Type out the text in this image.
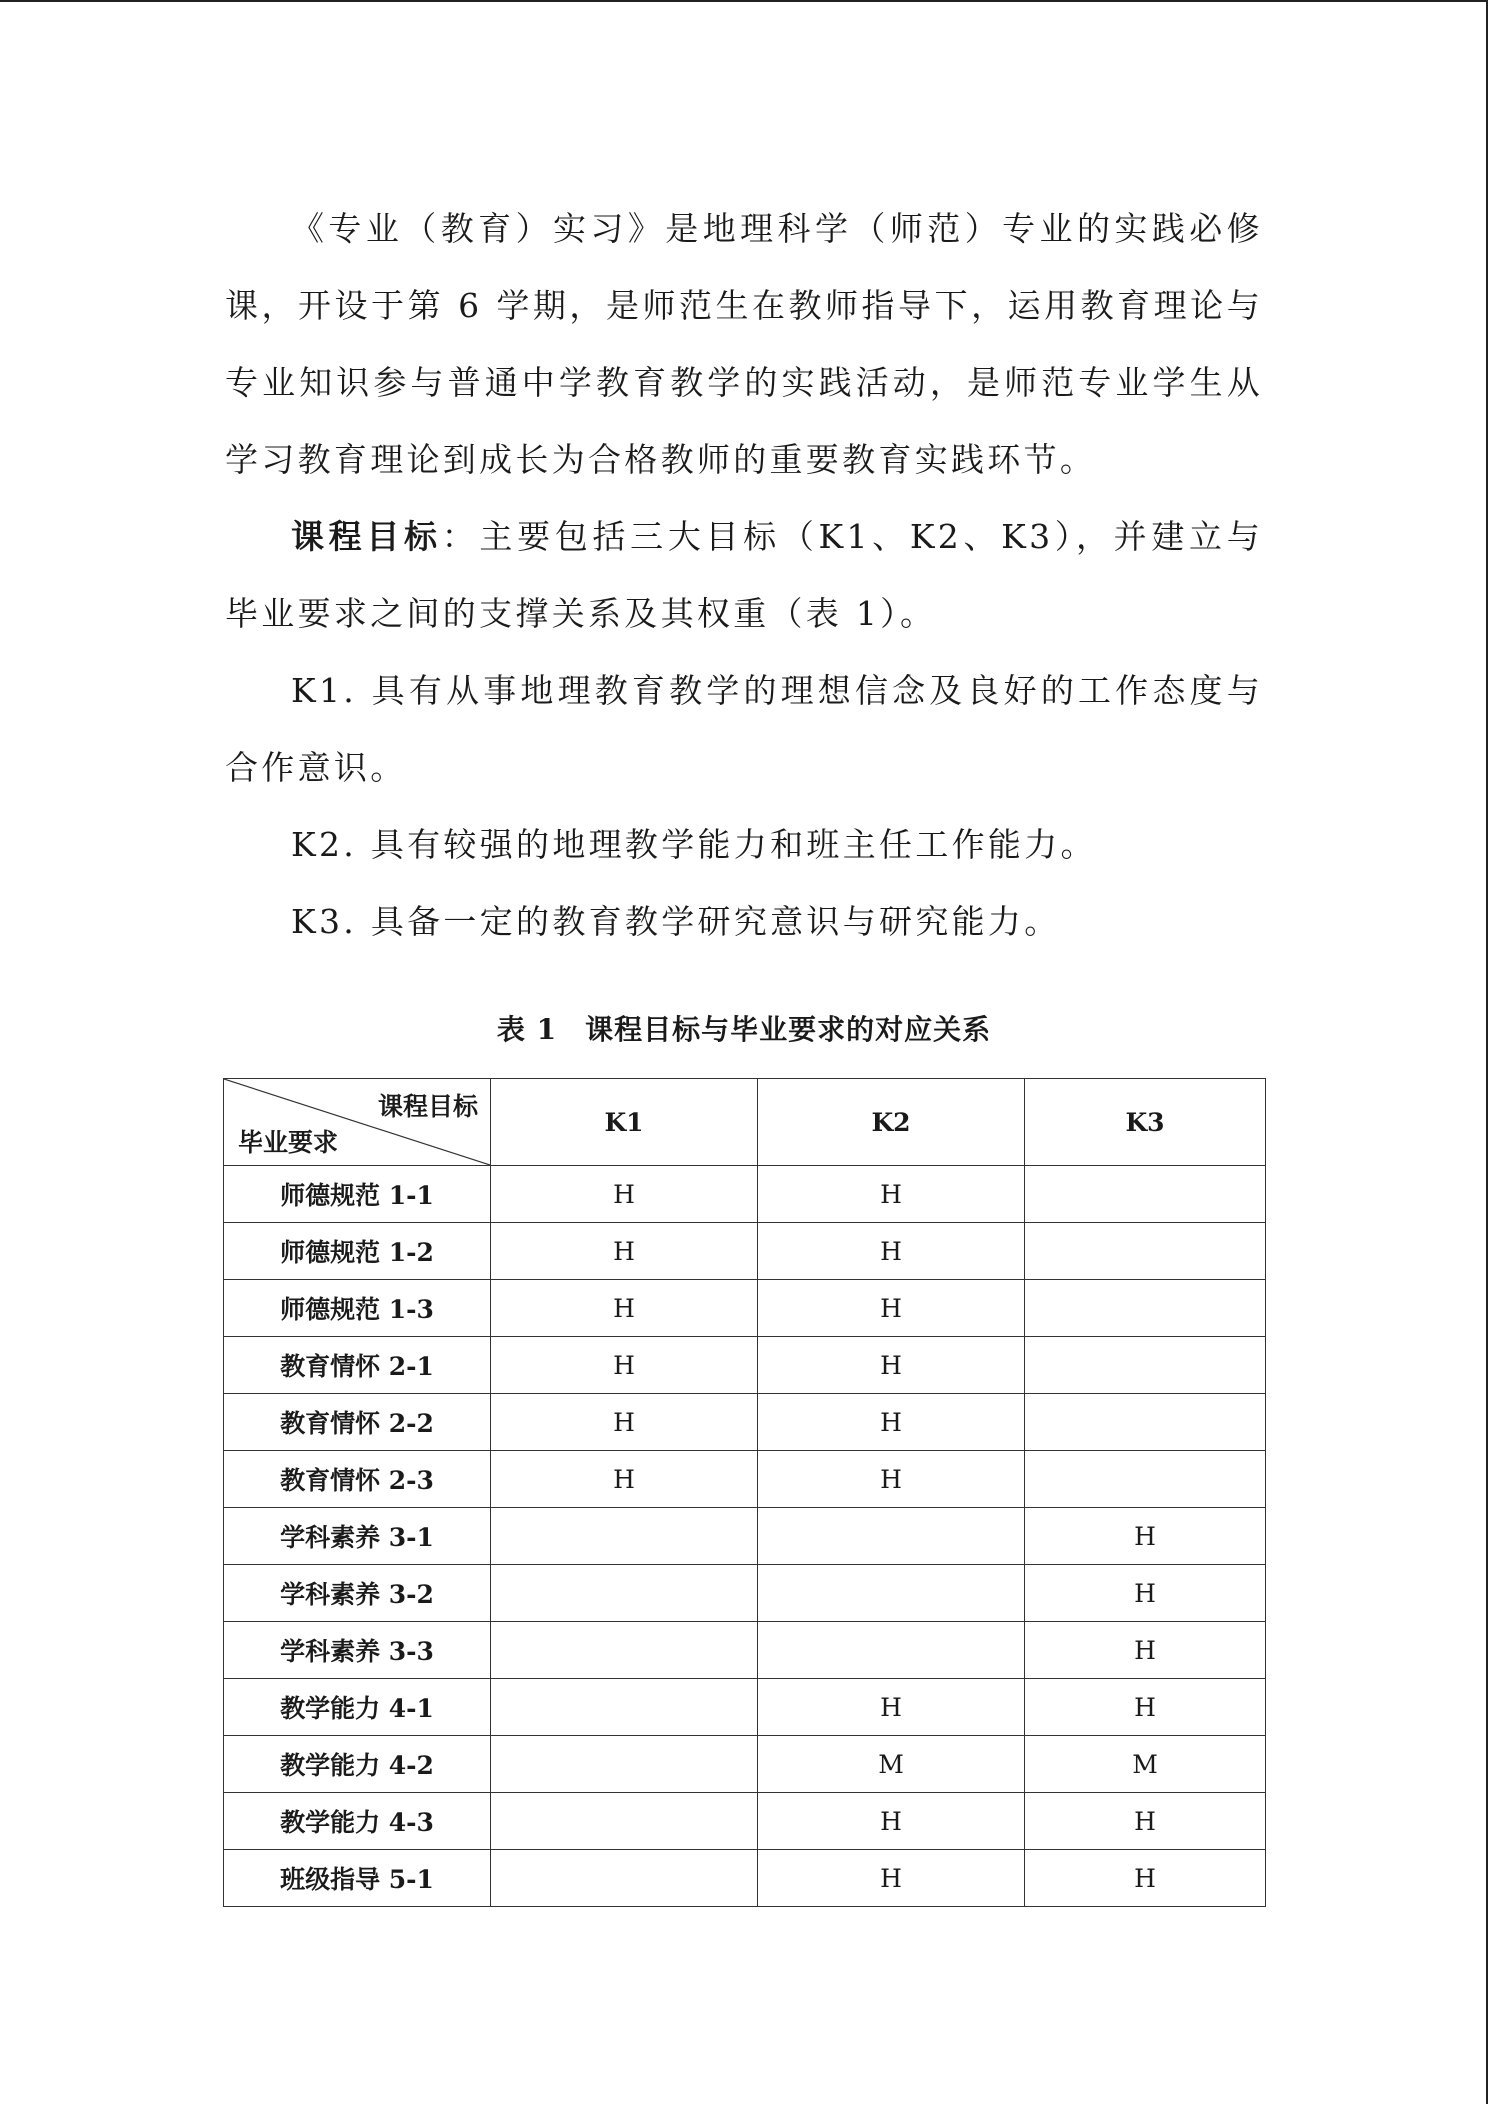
《专业（教育）实习》是地理科学（师范）专业的实践必修课，开设于第 6 学期，是师范生在教师指导下，运用教育理论与专业知识参与普通中学教育教学的实践活动，是师范专业学生从学习教育理论到成长为合格教师的重要教育实践环节。

课程目标：主要包括三大目标（K1、K2、K3），并建立与毕业要求之间的支撑关系及其权重（表 1）。

K1. 具有从事地理教育教学的理想信念及良好的工作态度与合作意识。

K2. 具有较强的地理教学能力和班主任工作能力。

K3. 具备一定的教育教学研究意识与研究能力。

表 1 课程目标与毕业要求的对应关系
课程目标
毕业要求	K1	K2	K3
师德规范 1-1	H	H	
师德规范 1-2	H	H	
师德规范 1-3	H	H	
教育情怀 2-1	H	H	
教育情怀 2-2	H	H	
教育情怀 2-3	H	H	
学科素养 3-1			H
学科素养 3-2			H
学科素养 3-3			H
教学能力 4-1		H	H
教学能力 4-2		M	M
教学能力 4-3		H	H
班级指导 5-1		H	H
